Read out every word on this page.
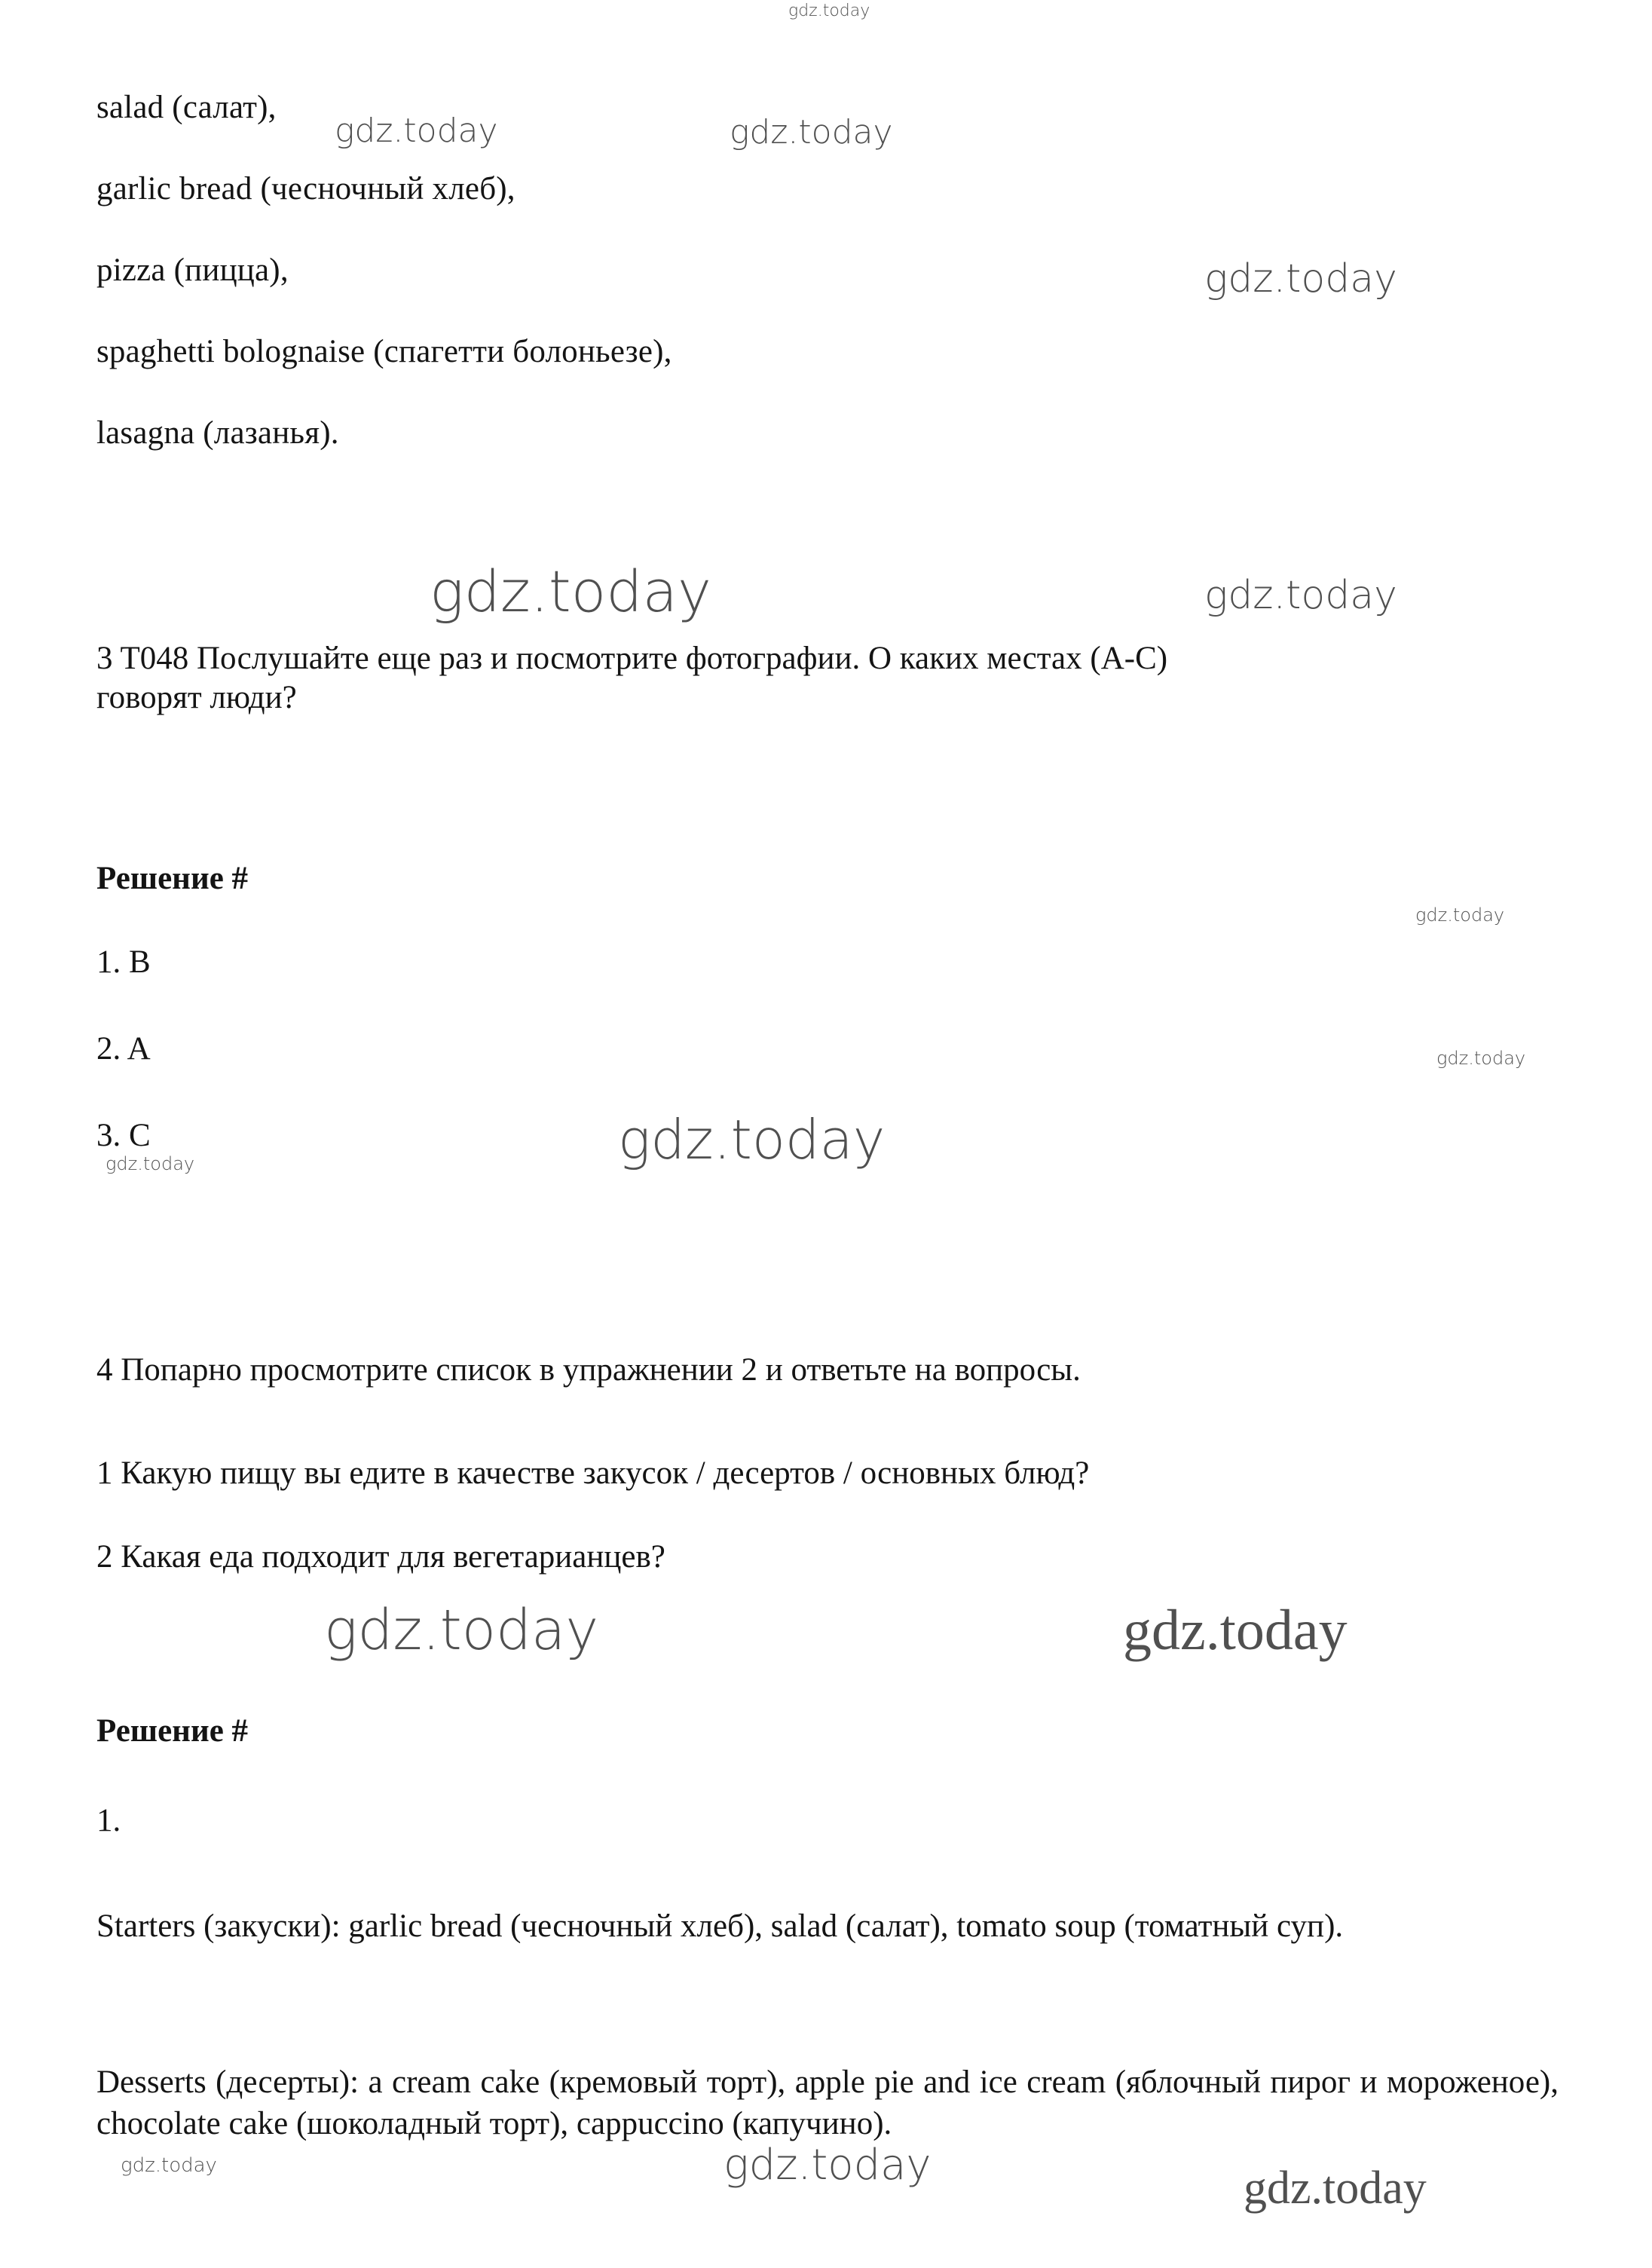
salad (салат),

garlic bread (чесночный хлеб),

pizza (пицца),

spaghetti bolognaise (спагетти болоньезе),

lasagna (лазанья).

3 T048 Послушайте еще раз и посмотрите фотографии. О каких местах (A-C)

говорят люди?

Решение #

1. B

2. A

3. C

4 Попарно просмотрите список в упражнении 2 и ответьте на вопросы.

1 Какую пищу вы едите в качестве закусок / десертов / основных блюд?

2 Какая еда подходит для вегетарианцев?

Решение #

1.

Starters (закуски): garlic bread (чесночный хлеб), salad (салат), tomato soup (томатный суп).

Desserts (десерты): a cream cake (кремовый торт), apple pie and ice cream (яблочный пирог и мороженое), chocolate cake (шоколадный торт), cappuccino (капучино).

gdz.today
gdz.today	gdz.today
gdz.today
gdz.today	gdz.today
gdz.today
gdz.today
gdz.today
gdz.today
gdz.today	gdz.today
gdz.today	gdz.today	gdz.today
